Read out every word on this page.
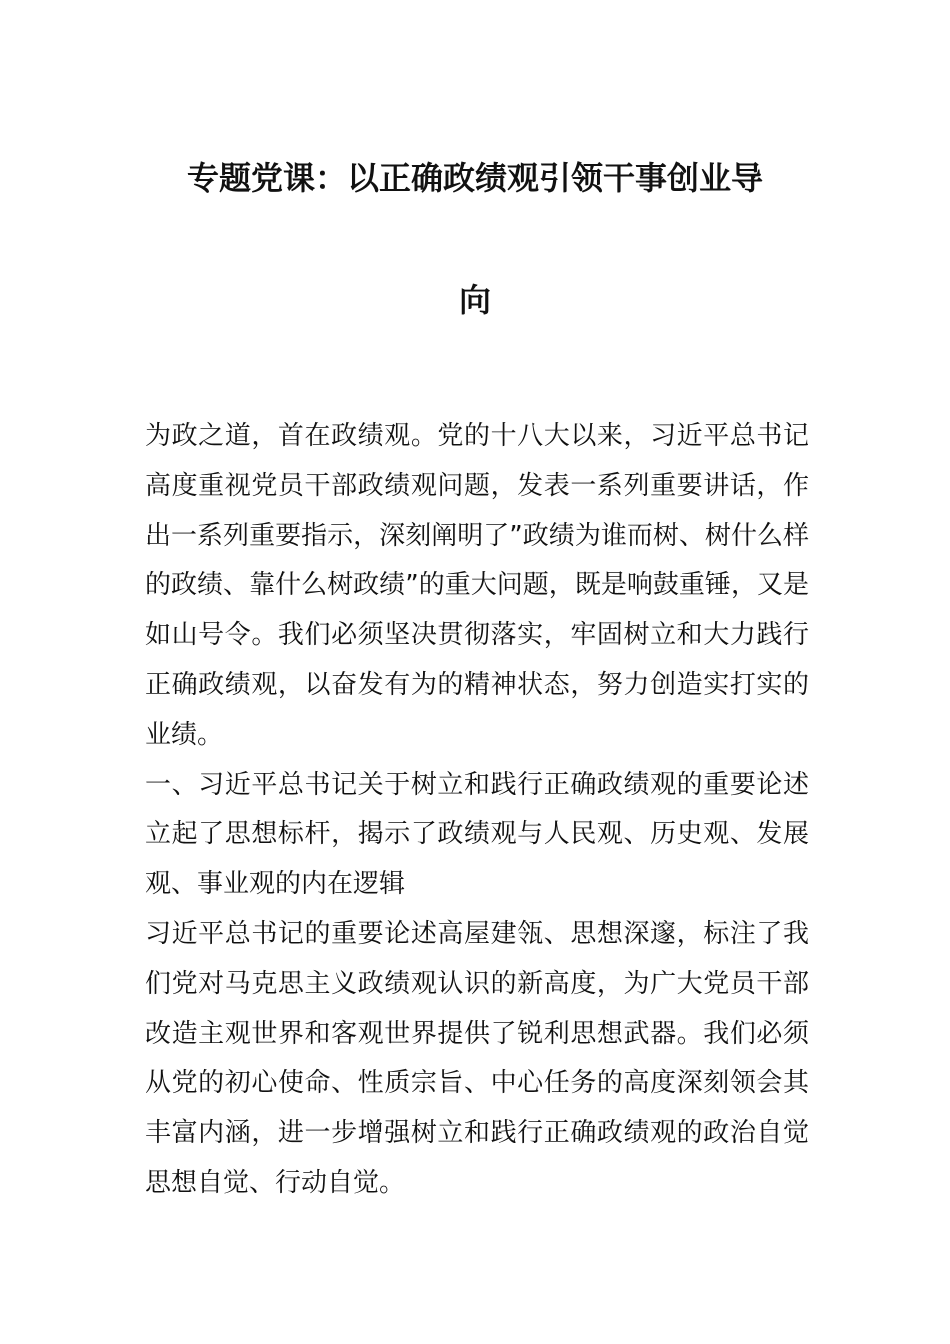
专题党课：以正确政绩观引领干事创业导
向
为政之道，首在政绩观。党的十八大以来，习近平总书记
高度重视党员干部政绩观问题，发表一系列重要讲话，作
出一系列重要指示，深刻阐明了”政绩为谁而树、树什么样
的政绩、靠什么树政绩”的重大问题，既是响鼓重锤，又是
如山号令。我们必须坚决贯彻落实，牢固树立和大力践行
正确政绩观，以奋发有为的精神状态，努力创造实打实的
业绩。
一、习近平总书记关于树立和践行正确政绩观的重要论述
立起了思想标杆，揭示了政绩观与人民观、历史观、发展
观、事业观的内在逻辑
习近平总书记的重要论述高屋建瓴、思想深邃，标注了我
们党对马克思主义政绩观认识的新高度，为广大党员干部
改造主观世界和客观世界提供了锐利思想武器。我们必须
从党的初心使命、性质宗旨、中心任务的高度深刻领会其
丰富内涵，进一步增强树立和践行正确政绩观的政治自觉
思想自觉、行动自觉。
